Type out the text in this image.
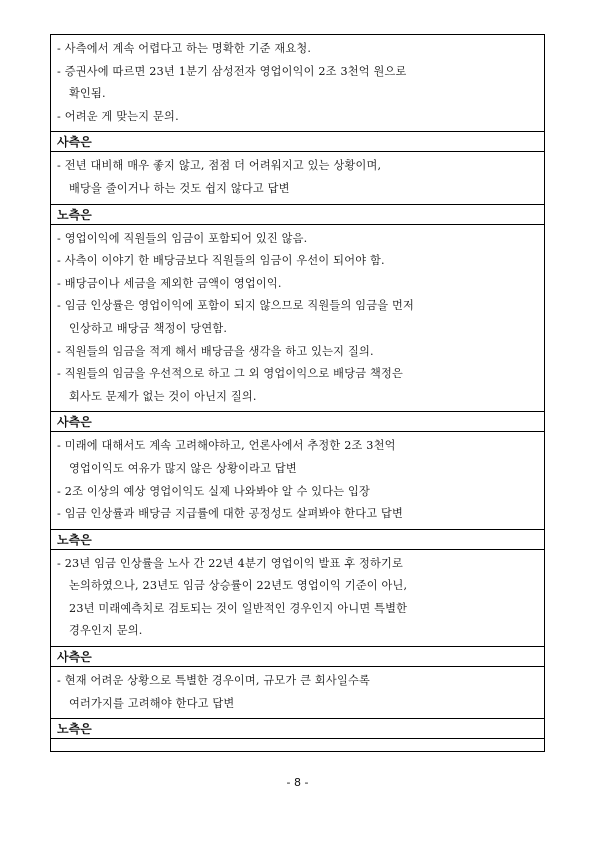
- 사측에서 계속 어렵다고 하는 명확한 기준 재요청.
- 증권사에 따르면 23년 1분기 삼성전자 영업이익이 2조 3천억 원으로
확인됨.
- 어려운 게 맞는지 문의.
사측은
- 전년 대비해 매우 좋지 않고, 점점 더 어려워지고 있는 상황이며,
배당을 줄이거나 하는 것도 쉽지 않다고 답변
노측은
- 영업이익에 직원들의 임금이 포함되어 있진 않음.
- 사측이 이야기 한 배당금보다 직원들의 임금이 우선이 되어야 함.
- 배당금이나 세금을 제외한 금액이 영업이익.
- 임금 인상률은 영업이익에 포함이 되지 않으므로 직원들의 임금을 먼저
인상하고 배당금 책정이 당연함.
- 직원들의 임금을 적게 해서 배당금을 생각을 하고 있는지 질의.
- 직원들의 임금을 우선적으로 하고 그 외 영업이익으로 배당금 책정은
회사도 문제가 없는 것이 아닌지 질의.
사측은
- 미래에 대해서도 계속 고려해야하고, 언론사에서 추정한 2조 3천억
영업이익도 여유가 많지 않은 상황이라고 답변
- 2조 이상의 예상 영업이익도 실제 나와봐야 알 수 있다는 입장
- 임금 인상률과 배당금 지급률에 대한 공정성도 살펴봐야 한다고 답변
노측은
- 23년 임금 인상률을 노사 간 22년 4분기 영업이익 발표 후 정하기로
논의하였으나, 23년도 임금 상승률이 22년도 영업이익 기준이 아닌,
23년 미래예측치로 검토되는 것이 일반적인 경우인지 아니면 특별한
경우인지 문의.
사측은
- 현재 어려운 상황으로 특별한 경우이며, 규모가 큰 회사일수록
여러가지를 고려해야 한다고 답변
노측은
- 8 -
